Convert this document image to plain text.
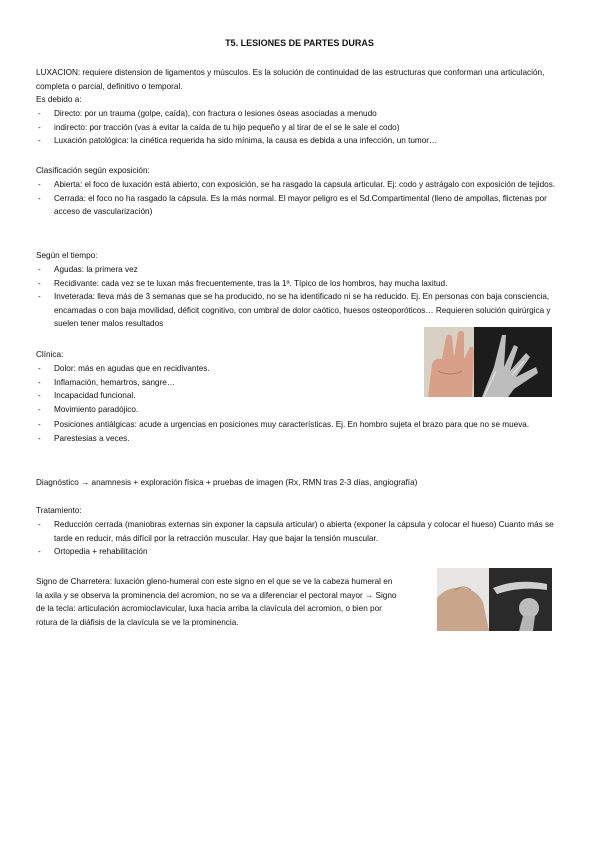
T5. LESIONES DE PARTES DURAS

LUXACION: requiere distension de ligamentos y músculos. Es la solución de continuidad de las estructuras que conforman una articulación, completa o parcial, definitivo o temporal.

Es debido a:

- Directo: por un trauma (golpe, caída), con fractura o lesiones óseas asociadas a menudo
- indirecto: por tracción (vas a evitar la caída de tu hijo pequeño y al tirar de el se le sale el codo)
- Luxación patológica: la cinética requerida ha sido mínima, la causa es debida a una infección, un tumor…

Clasificación según exposición:

- Abierta: el foco de luxación está abierto, con exposición, se ha rasgado la capsula articular. Ej: codo y astrágalo con exposición de tejidos.
- Cerrada: el foco no ha rasgado la cápsula. Es la más normal. El mayor peligro es el Sd.Compartimental (lleno de ampollas, flictenas por acceso de vascularización)

Según el tiempo:

- Agudas: la primera vez
- Recidivante: cada vez se te luxan más frecuentemente, tras la 1ª. Típico de los hombros, hay mucha laxitud.
- Inveterada: lleva más de 3 semanas que se ha producido, no se ha identificado ni se ha reducido. Ej. En personas con baja consciencia, encamadas o con baja movilidad, déficit cognitivo, con umbral de dolor caótico, huesos osteoporóticos… Requieren solución quirúrgica y suelen tener malos resultados

Clínica:

- Dolor: más en agudas que en recidivantes.
- Inflamación, hemartros, sangre…
- Incapacidad funcional.
- Movimiento paradójico.
- Posiciones antiálgicas: acude a urgencias en posiciones muy características. Ej. En hombro sujeta el brazo para que no se mueva.
- Parestesias a veces.

Diagnóstico → anamnesis + exploración física + pruebas de imagen (Rx, RMN tras 2-3 días, angiografía)

Tratamiento:

- Reducción cerrada (maniobras externas sin exponer la capsula articular) o abierta (exponer la cápsula y colocar el hueso) Cuanto más se tarde en reducir, más difícil por la retracción muscular. Hay que bajar la tensión muscular.
- Ortopedia + rehabilitación

Signo de Charretera: luxación gleno-humeral con este signo en el que se ve la cabeza humeral en la axila y se observa la prominencia del acromion, no se va a diferenciar el pectoral mayor → Signo de la tecla: articulación acromioclavicular, luxa hacia arriba la clavícula del acromion, o bien por rotura de la diáfisis de la clavícula se ve la prominencia.
